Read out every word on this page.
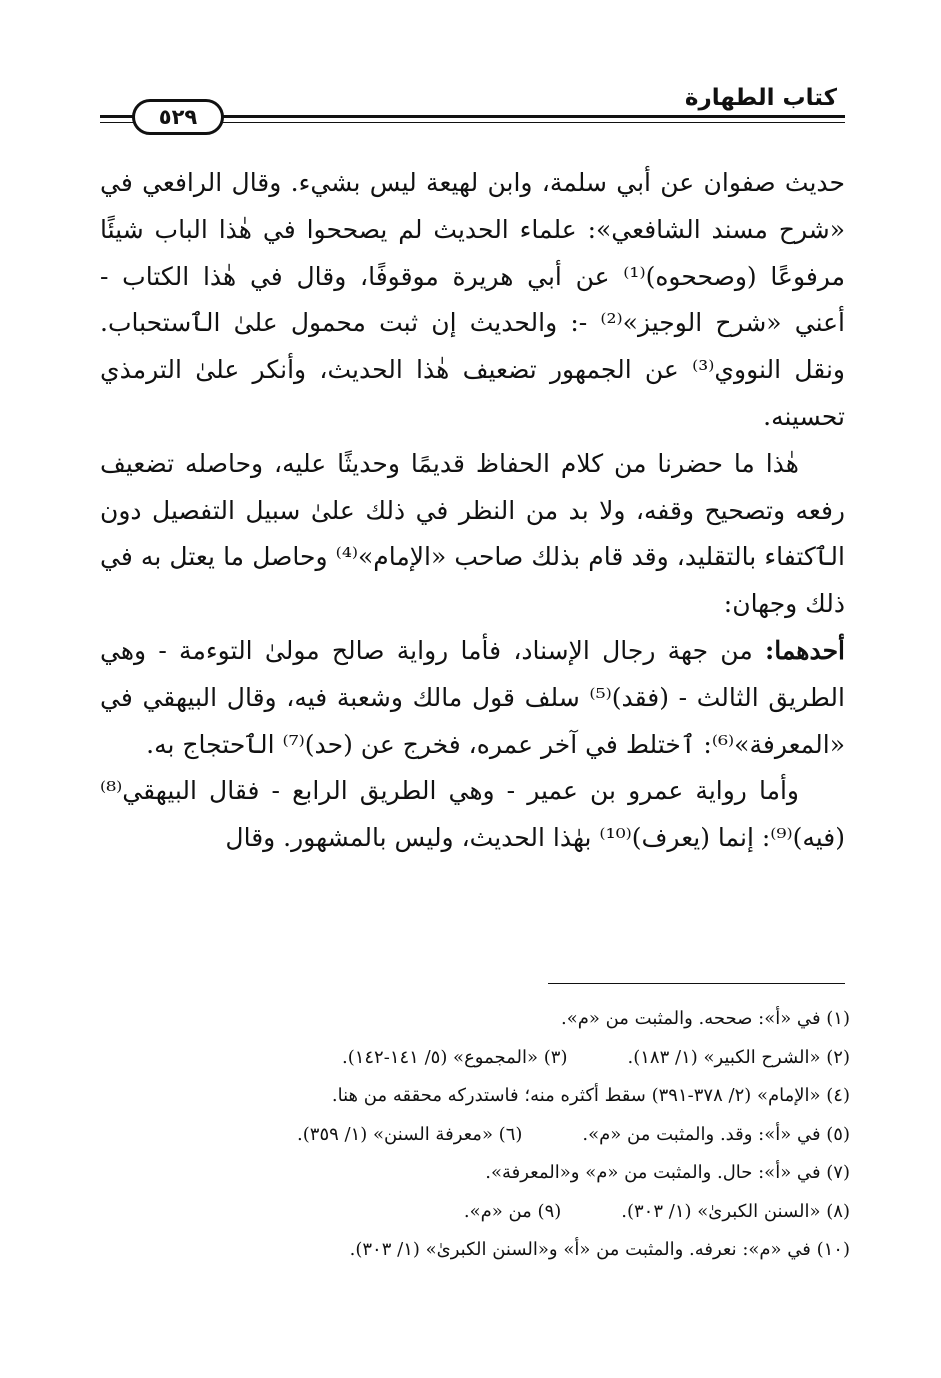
كتاب الطهارة
٥٢٩

حديث صفوان عن أبي سلمة، وابن لهيعة ليس بشيء. وقال الرافعي في «شرح مسند الشافعي»: علماء الحديث لم يصححوا في هٰذا الباب شيئًا مرفوعًا (وصححوه)⁽¹⁾ عن أبي هريرة موقوفًا، وقال في هٰذا الكتاب - أعني «شرح الوجيز»⁽²⁾ -: والحديث إن ثبت محمول علىٰ الٱستحباب. ونقل النووي⁽³⁾ عن الجمهور تضعيف هٰذا الحديث، وأنكر علىٰ الترمذي تحسينه.

هٰذا ما حضرنا من كلام الحفاظ قديمًا وحديثًا عليه، وحاصله تضعيف رفعه وتصحيح وقفه، ولا بد من النظر في ذلك علىٰ سبيل التفصيل دون الٱكتفاء بالتقليد، وقد قام بذلك صاحب «الإمام»⁽⁴⁾ وحاصل ما يعتل به في ذلك وجهان:

أحدهما: من جهة رجال الإسناد، فأما رواية صالح مولىٰ التوءمة - وهي الطريق الثالث - (فقد)⁽⁵⁾ سلف قول مالك وشعبة فيه، وقال البيهقي في «المعرفة»⁽⁶⁾: ٱختلط في آخر عمره، فخرج عن (حد)⁽⁷⁾ الٱحتجاج به.

وأما رواية عمرو بن عمير - وهي الطريق الرابع - فقال البيهقي⁽⁸⁾ (فيه)⁽⁹⁾: إنما (يعرف)⁽¹⁰⁾ بهٰذا الحديث، وليس بالمشهور. وقال

(١) في «أ»: صححه. والمثبت من «م».
(٢) «الشرح الكبير» (١/ ١٨٣).
(٣) «المجموع» (٥/ ١٤١-١٤٢).
(٤) «الإمام» (٢/ ٣٧٨-٣٩١) سقط أكثره منه؛ فاستدركه محققه من هنا.
(٥) في «أ»: وقد. والمثبت من «م».
(٦) «معرفة السنن» (١/ ٣٥٩).
(٧) في «أ»: حال. والمثبت من «م» و«المعرفة».
(٨) «السنن الكبرىٰ» (١/ ٣٠٣).
(٩) من «م».
(١٠) في «م»: نعرفه. والمثبت من «أ» و«السنن الكبرىٰ» (١/ ٣٠٣).
